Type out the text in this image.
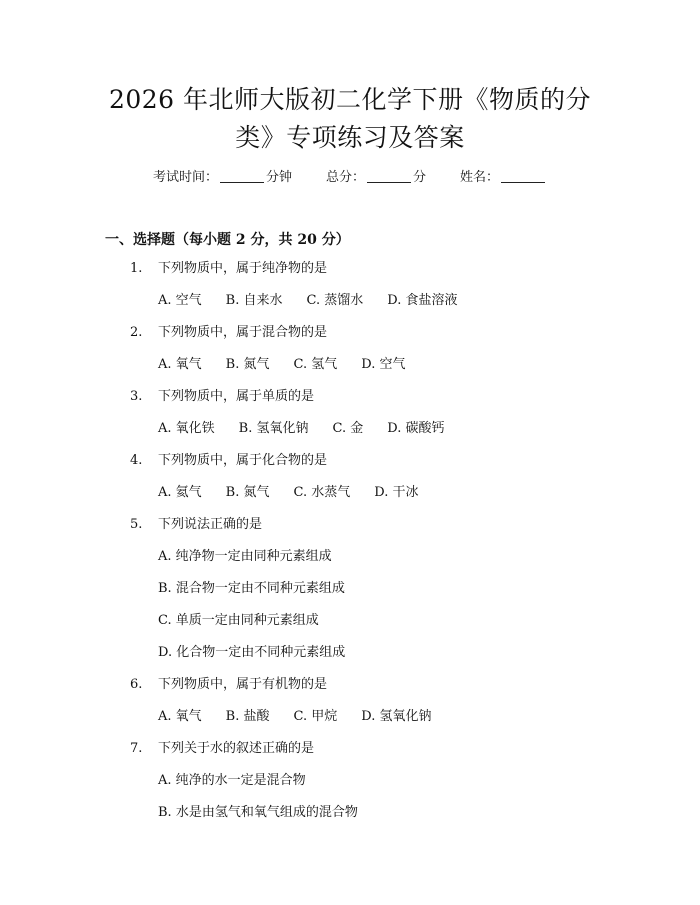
2026 年北师大版初二化学下册《物质的分
类》专项练习及答案
考试时间：	分钟	总分：	分	姓名：
一、选择题（每小题 2 分，共 20 分）
1. 下列物质中，属于纯净物的是
A. 空气 B. 自来水 C. 蒸馏水 D. 食盐溶液
2. 下列物质中，属于混合物的是
A. 氧气 B. 氮气 C. 氢气 D. 空气
3. 下列物质中，属于单质的是
A. 氧化铁 B. 氢氧化钠 C. 金 D. 碳酸钙
4. 下列物质中，属于化合物的是
A. 氦气 B. 氮气 C. 水蒸气 D. 干冰
5. 下列说法正确的是
A. 纯净物一定由同种元素组成
B. 混合物一定由不同种元素组成
C. 单质一定由同种元素组成
D. 化合物一定由不同种元素组成
6. 下列物质中，属于有机物的是
A. 氧气 B. 盐酸 C. 甲烷 D. 氢氧化钠
7. 下列关于水的叙述正确的是
A. 纯净的水一定是混合物
B. 水是由氢气和氧气组成的混合物
